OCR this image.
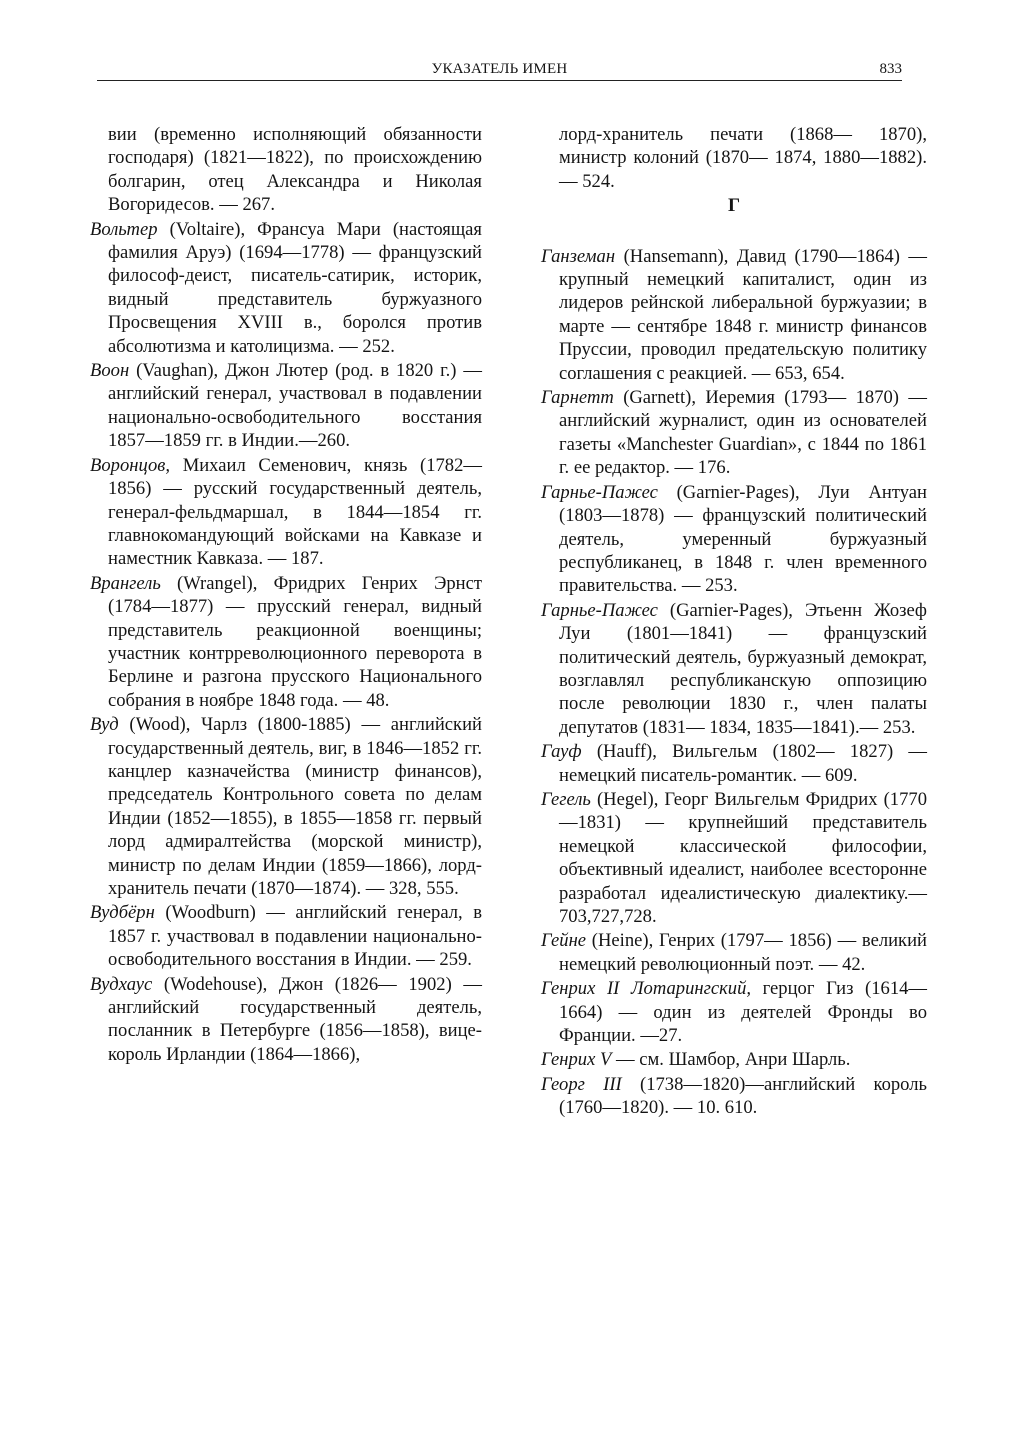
УКАЗАТЕЛЬ ИМЕН	833

вии (временно исполняющий обязанности господаря) (1821—1822), по происхождению болгарин, отец Александра и Николая Вогоридесов. — 267.

Вольтер (Voltaire), Франсуа Мари (настоящая фамилия Аруэ) (1694—1778) — французский философ-деист, писатель-сатирик, историк, видный представитель буржуазного Просвещения XVIII в., боролся против абсолютизма и католицизма. — 252.

Воон (Vaughan), Джон Лютер (род. в 1820 г.) — английский генерал, участвовал в подавлении национально-освободительного восстания 1857—1859 гг. в Индии.—260.

Воронцов, Михаил Семенович, князь (1782—1856) — русский государственный деятель, генерал-фельдмаршал, в 1844—1854 гг. главнокомандующий войсками на Кавказе и наместник Кавказа. — 187.

Врангель (Wrangel), Фридрих Генрих Эрнст (1784—1877) — прусский генерал, видный представитель реакционной военщины; участник контрреволюционного переворота в Берлине и разгона прусского Национального собрания в ноябре 1848 года. — 48.

Вуд (Wood), Чарлз (1800-1885) — английский государственный деятель, виг, в 1846—1852 гг. канцлер казначейства (министр финансов), председатель Контрольного совета по делам Индии (1852—1855), в 1855—1858 гг. первый лорд адмиралтейства (морской министр), министр по делам Индии (1859—1866), лорд-хранитель печати (1870—1874). — 328, 555.

Вудбёрн (Woodburn) — английский генерал, в 1857 г. участвовал в подавлении национально-освободительного восстания в Индии. — 259.

Вудхаус (Wodehouse), Джон (1826— 1902) — английский государственный деятель, посланник в Петербурге (1856—1858), вице-король Ирландии (1864—1866),

лорд-хранитель печати (1868— 1870), министр колоний (1870— 1874, 1880—1882). — 524.

Г

Ганземан (Hansemann), Давид (1790—1864) — крупный немецкий капиталист, один из лидеров рейнской либеральной буржуазии; в марте — сентябре 1848 г. министр финансов Пруссии, проводил предательскую политику соглашения с реакцией. — 653, 654.

Гарнетт (Garnett), Иеремия (1793— 1870) — английский журналист, один из основателей газеты «Manchester Guardian», с 1844 по 1861 г. ее редактор. — 176.

Гарнье-Пажес (Garnier-Pages), Луи Антуан (1803—1878) — французский политический деятель, умеренный буржуазный республиканец, в 1848 г. член временного правительства. — 253.

Гарнье-Пажес (Garnier-Pages), Этьенн Жозеф Луи (1801—1841) — французский политический деятель, буржуазный демократ, возглавлял республиканскую оппозицию после революции 1830 г., член палаты депутатов (1831— 1834, 1835—1841).— 253.

Гауф (Hauff), Вильгельм (1802— 1827) — немецкий писатель-романтик. — 609.

Гегель (Hegel), Георг Вильгельм Фридрих (1770—1831) — крупнейший представитель немецкой классической философии, объективный идеалист, наиболее всесторонне разработал идеалистическую диалектику.— 703,727,728.

Гейне (Heine), Генрих (1797— 1856) — великий немецкий революционный поэт. — 42.

Генрих II Лотарингский, герцог Гиз (1614—1664) — один из деятелей Фронды во Франции. —27.

Генрих V — см. Шамбор, Анри Шарль.

Георг III (1738—1820)—английский король (1760—1820). — 10. 610.
